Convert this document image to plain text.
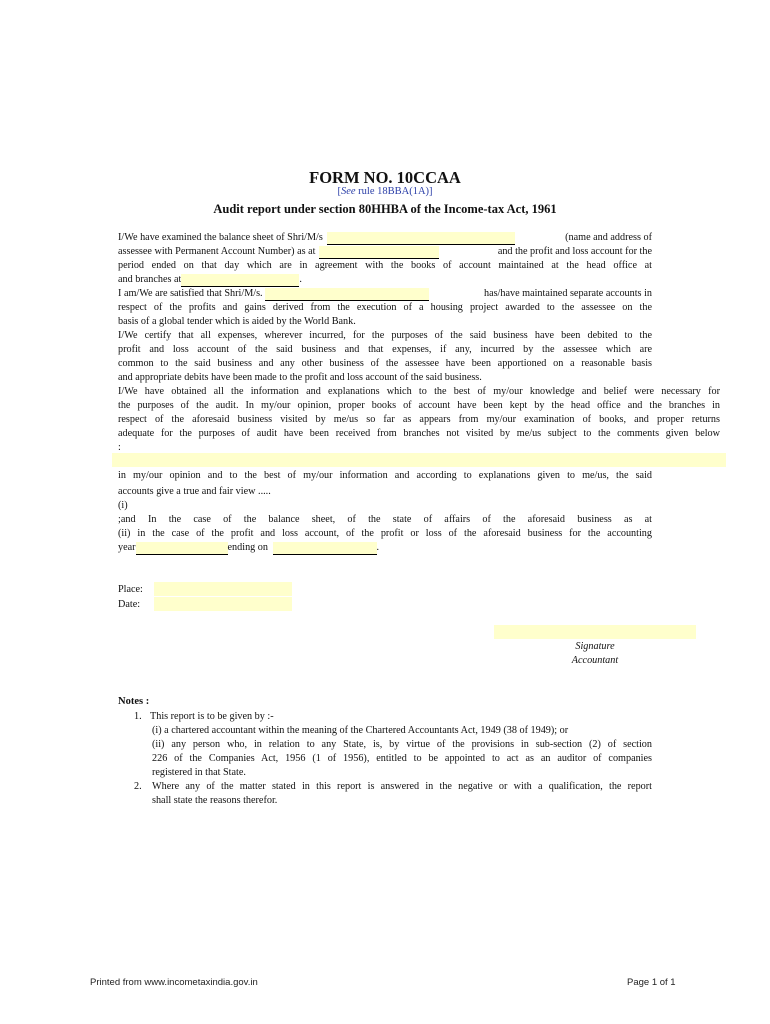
FORM NO. 10CCAA
[See rule 18BBA(1A)]
Audit report under section 80HHBA of the Income-tax Act, 1961
I/We have examined the balance sheet of Shri/M/s	(name and address of
assessee with Permanent Account Number) as at	and the profit and loss account for the
period ended on that day which are in agreement with the books of account maintained at the head office at
and branches at	.
I am/We are satisfied that Shri/M/s.	has/have maintained separate accounts in
respect of the profits and gains derived from the execution of a housing project awarded to the assessee on the
basis of a global tender which is aided by the World Bank.
I/We certify that all expenses, wherever incurred, for the purposes of the said business have been debited to the
profit and loss account of the said business and that expenses, if any, incurred by the assessee which are
common to the said business and any other business of the assessee have been apportioned on a reasonable basis
and appropriate debits have been made to the profit and loss account of the said business.
I/We have obtained all the information and explanations which to the best of my/our knowledge and belief were necessary for
the purposes of the audit. In my/our opinion, proper books of account have been kept by the head office and the branches in
respect of the aforesaid business visited by me/us so far as appears from my/our examination of books, and proper returns
adequate for the purposes of audit have been received from branches not visited by me/us subject to the comments given below
:
in my/our opinion and to the best of my/our information and according to explanations given to me/us, the said
accounts give a true and fair view .....
(i)
In the case of the balance sheet, of the state of affairs of the aforesaid business as at
;and
(ii) in the case of the profit and loss account, of the profit or loss of the aforesaid business for the accounting
year	ending on	.
Place:
Date:
Signature
Accountant
Notes :
1. This report is to be given by :-
(i) a chartered accountant within the meaning of the Chartered Accountants Act, 1949 (38 of 1949); or
(ii) any person who, in relation to any State, is, by virtue of the provisions in sub-section (2) of section
226 of the Companies Act, 1956 (1 of 1956), entitled to be appointed to act as an auditor of companies
registered in that State.
2. Where any of the matter stated in this report is answered in the negative or with a qualification, the report
shall state the reasons therefor.
Printed from www.incometaxindia.gov.in	Page 1 of 1
